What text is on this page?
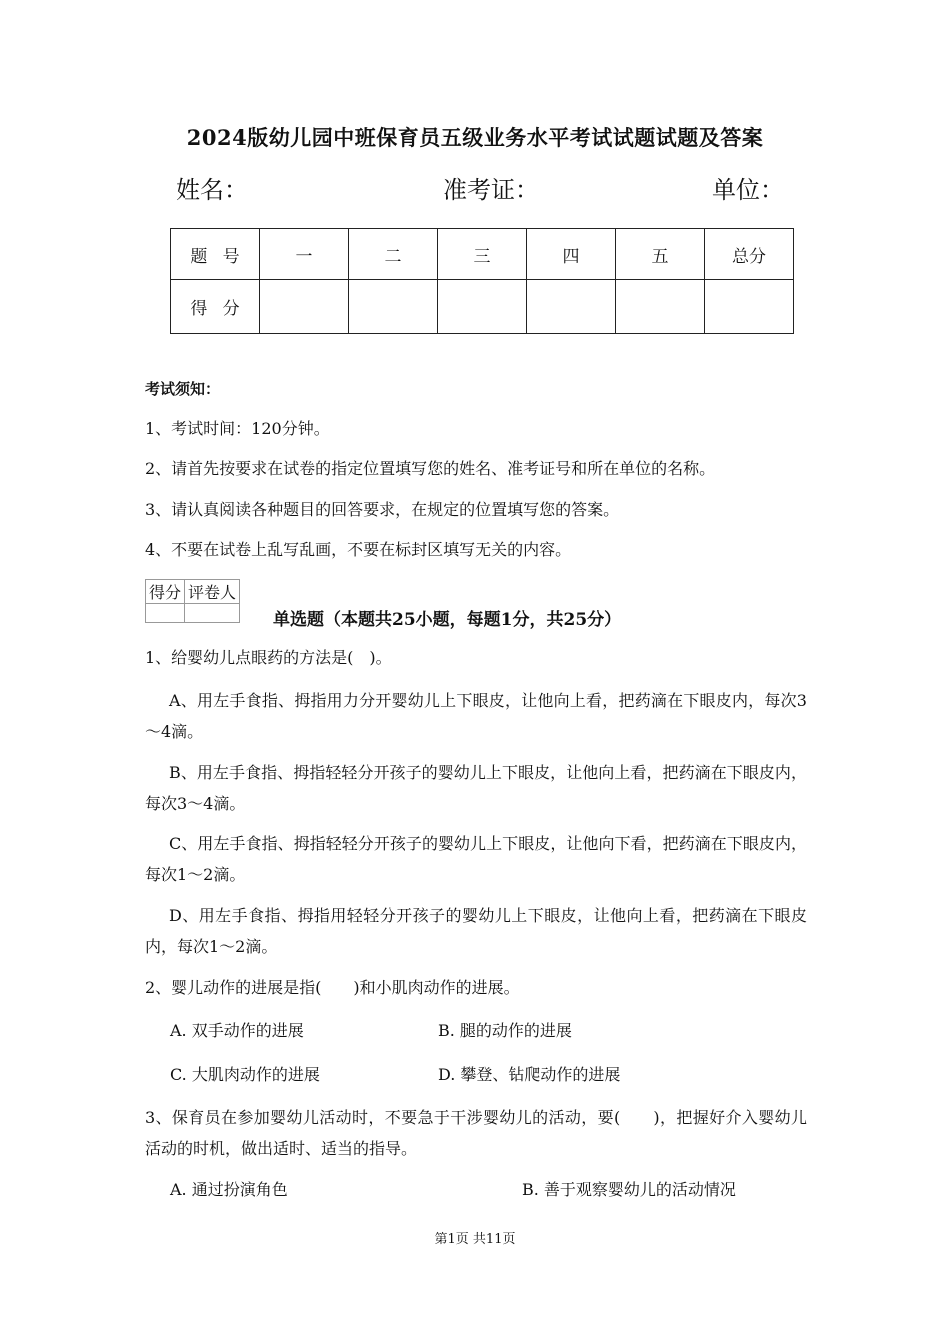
2024版幼儿园中班保育员五级业务水平考试试题试题及答案
姓名：	准考证：	单位：
题号	一	二	三	四	五	总分
得分						
考试须知：
1、考试时间：120分钟。
2、请首先按要求在试卷的指定位置填写您的姓名、准考证号和所在单位的名称。
3、请认真阅读各种题目的回答要求，在规定的位置填写您的答案。
4、不要在试卷上乱写乱画，不要在标封区填写无关的内容。
得分	评卷人

单选题（本题共25小题，每题1分，共25分）
1、给婴幼儿点眼药的方法是(　)。
A、用左手食指、拇指用力分开婴幼儿上下眼皮，让他向上看，把药滴在下眼皮内，每次3～4滴。
B、用左手食指、拇指轻轻分开孩子的婴幼儿上下眼皮，让他向上看，把药滴在下眼皮内，每次3～4滴。
C、用左手食指、拇指轻轻分开孩子的婴幼儿上下眼皮，让他向下看，把药滴在下眼皮内，每次1～2滴。
D、用左手食指、拇指用轻轻分开孩子的婴幼儿上下眼皮，让他向上看，把药滴在下眼皮内，每次1～2滴。
2、婴儿动作的进展是指(　　)和小肌肉动作的进展。
A. 双手动作的进展	B. 腿的动作的进展
C. 大肌肉动作的进展	D. 攀登、钻爬动作的进展
3、保育员在参加婴幼儿活动时，不要急于干涉婴幼儿的活动，要(　　)，把握好介入婴幼儿活动的时机，做出适时、适当的指导。
A. 通过扮演角色	B. 善于观察婴幼儿的活动情况
第1页 共11页
